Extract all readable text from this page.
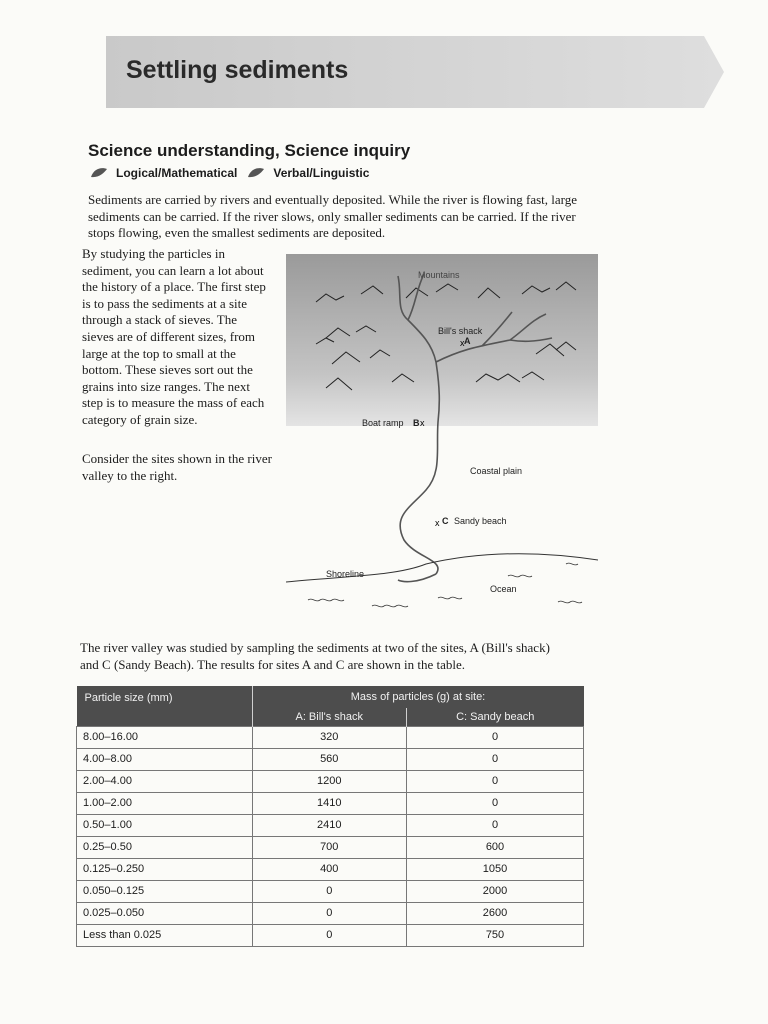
Settling sediments
Science understanding, Science inquiry
Logical/Mathematical	Verbal/Linguistic
Sediments are carried by rivers and eventually deposited. While the river is flowing fast, large sediments can be carried. If the river slows, only smaller sediments can be carried. If the river stops flowing, even the smallest sediments are deposited.
By studying the particles in sediment, you can learn a lot about the history of a place. The first step is to pass the sediments at a site through a stack of sieves. The sieves are of different sizes, from large at the top to small at the bottom. These sieves sort out the grains into size ranges. The next step is to measure the mass of each category of grain size.
Consider the sites shown in the river valley to the right.
x
x
x
Mountains
Bill's shack
A
Boat ramp B
Coastal plain
C Sandy beach
Shoreline
Ocean
The river valley was studied by sampling the sediments at two of the sites, A (Bill's shack) and C (Sandy Beach). The results for sites A and C are shown in the table.
Particle size (mm)	Mass of particles (g) at site:	
	A: Bill's shack	C: Sandy beach
8.00–16.00	320	0
4.00–8.00	560	0
2.00–4.00	1200	0
1.00–2.00	1410	0
0.50–1.00	2410	0
0.25–0.50	700	600
0.125–0.250	400	1050
0.050–0.125	0	2000
0.025–0.050	0	2600
Less than 0.025	0	750
